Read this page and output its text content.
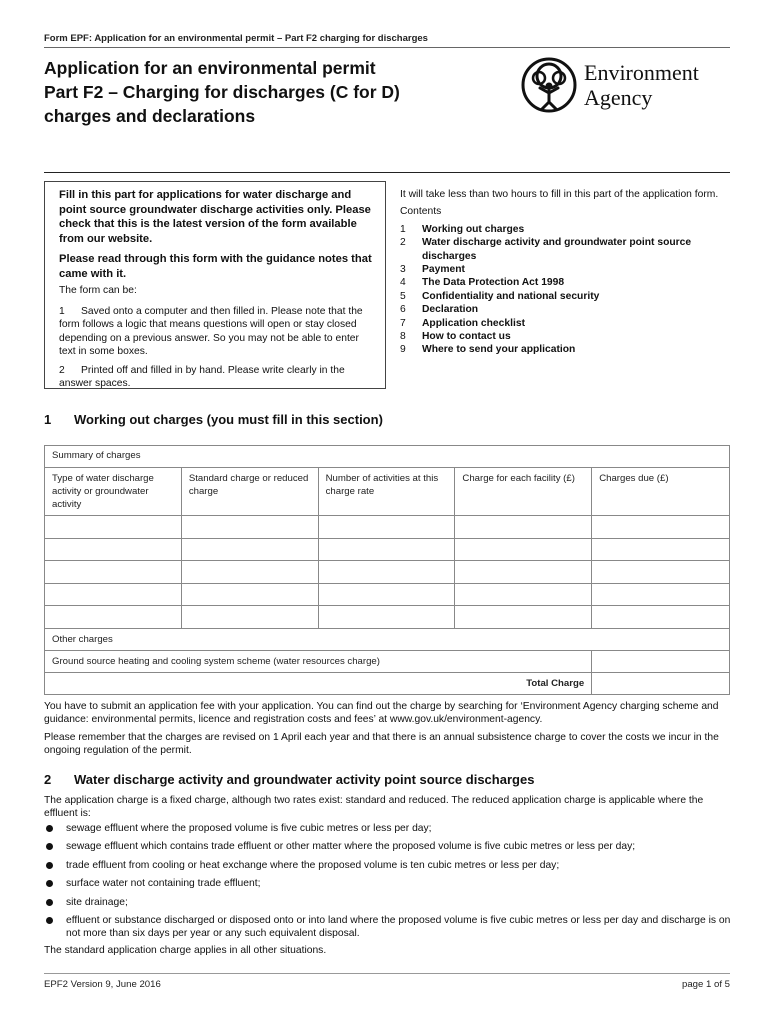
Form EPF: Application for an environmental permit – Part F2 charging for discharges
Application for an environmental permit
Part F2 – Charging for discharges (C for D)
charges and declarations
Environment
Agency

Fill in this part for applications for water discharge and point source groundwater discharge activities only. Please check that this is the latest version of the form available from our website.

Please read through this form with the guidance notes that came with it.

The form can be:

1 Saved onto a computer and then filled in. Please note that the form follows a logic that means questions will open or stay closed depending on a previous answer. So you may not be able to enter text in some boxes.

2 Printed off and filled in by hand. Please write clearly in the answer spaces.

It will take less than two hours to fill in this part of the application form.

Contents

1	Working out charges
2	Water discharge activity and groundwater point source discharges
3	Payment
4	The Data Protection Act 1998
5	Confidentiality and national security
6	Declaration
7	Application checklist
8	How to contact us
9	Where to send your application
1 Working out charges (you must fill in this section)
Summary of charges				
Type of water discharge activity or groundwater activity	Standard charge or reduced charge	Number of activities at this charge rate	Charge for each facility (£)	Charges due (£)

Other charges				
Ground source heating and cooling system scheme (water resources charge)				
Total Charge				

You have to submit an application fee with your application. You can find out the charge by searching for ‘Environment Agency charging scheme and guidance: environmental permits, licence and registration costs and fees’ at www.gov.uk/environment-agency.

Please remember that the charges are revised on 1 April each year and that there is an annual subsistence charge to cover the costs we incur in the ongoing regulation of the permit.

2 Water discharge activity and groundwater activity point source discharges

The application charge is a fixed charge, although two rates exist: standard and reduced. The reduced application charge is applicable where the effluent is:

sewage effluent where the proposed volume is five cubic metres or less per day;
sewage effluent which contains trade effluent or other matter where the proposed volume is five cubic metres or less per day;
trade effluent from cooling or heat exchange where the proposed volume is ten cubic metres or less per day;
surface water not containing trade effluent;
site drainage;
effluent or substance discharged or disposed onto or into land where the proposed volume is five cubic metres or less per day and discharge is on not more than six days per year or any such equivalent disposal.

The standard application charge applies in all other situations.

EPF2 Version 9, June 2016	page 1 of 5
